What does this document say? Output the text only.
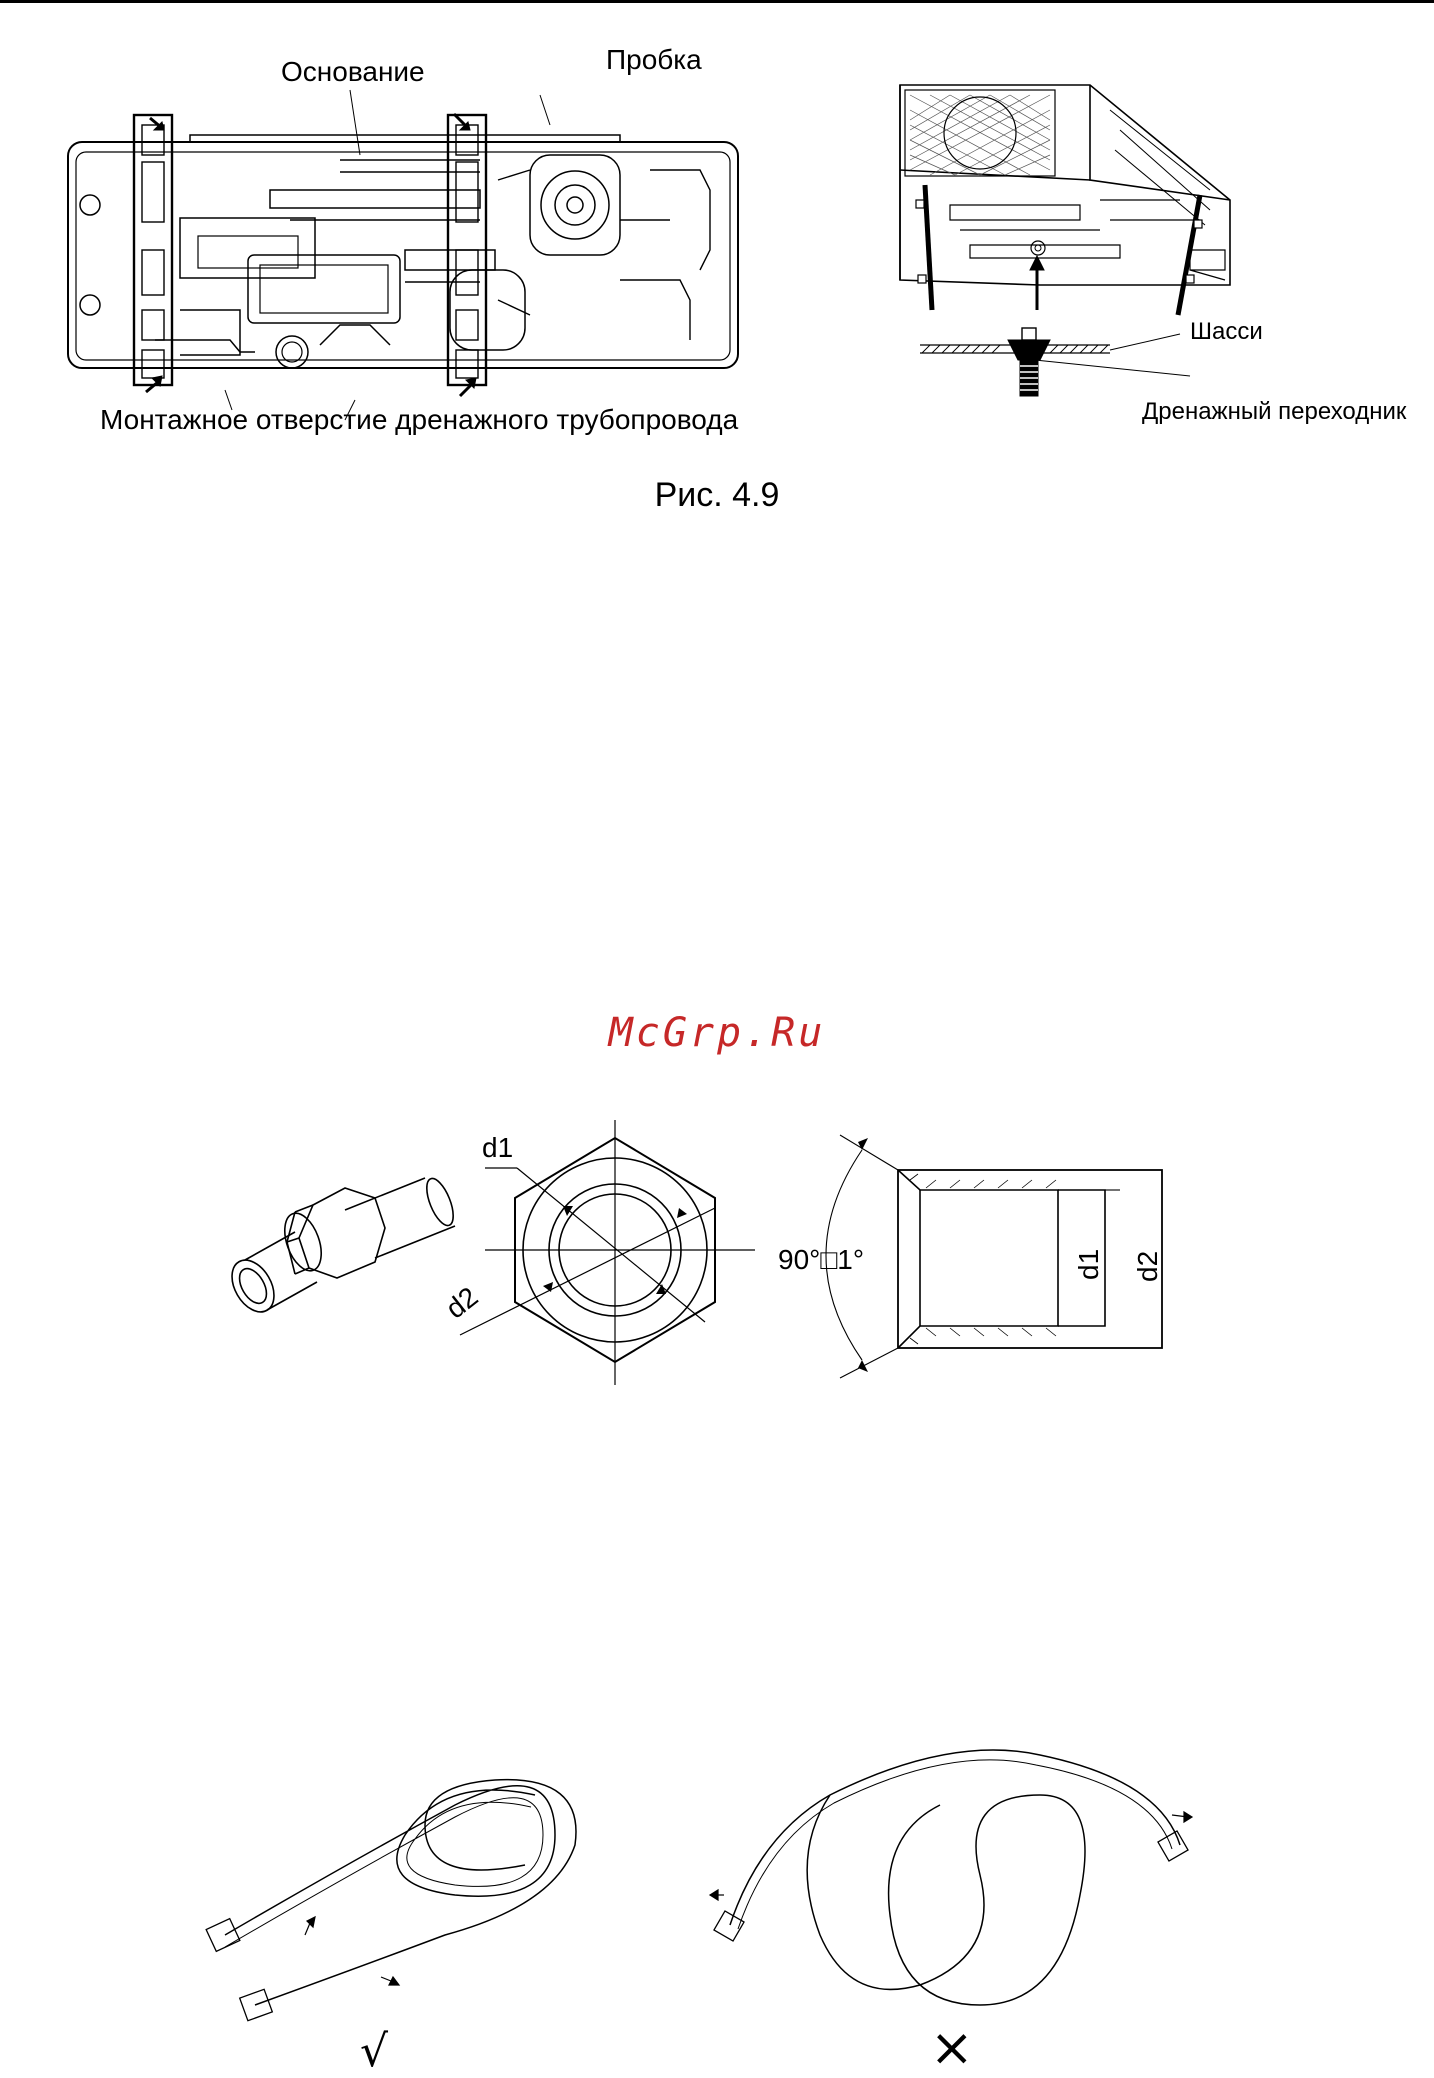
Основание	Пробка
Монтажное отверстие дренажного трубопровода
Шасси
Дренажный переходник
Рис. 4.9
McGrp.Ru
d1
d2
90°□1°	d1 d2
√	×
